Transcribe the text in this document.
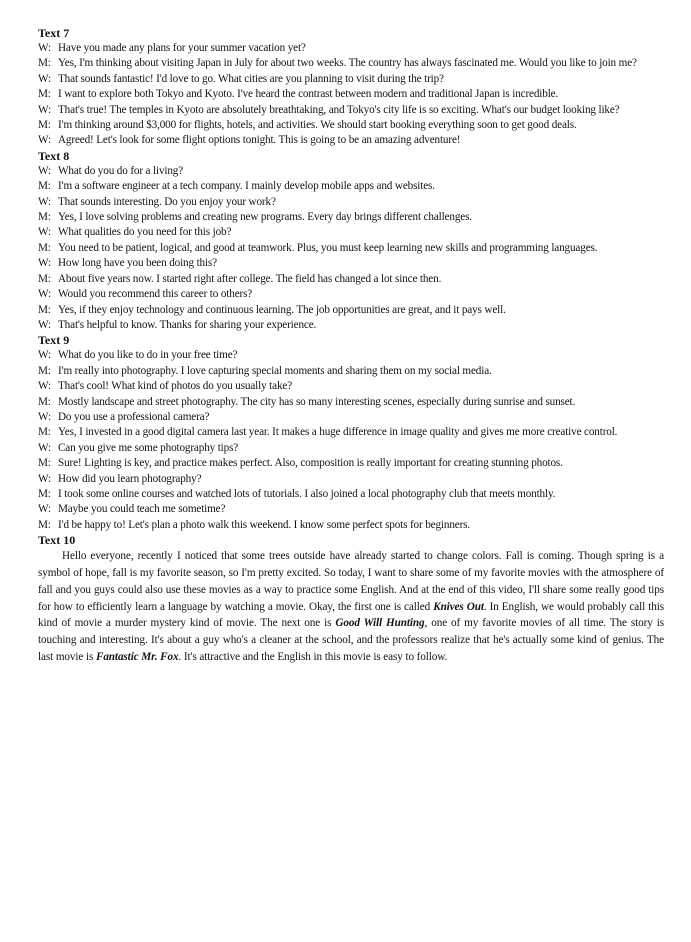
Text 7
W: Have you made any plans for your summer vacation yet?
M: Yes, I'm thinking about visiting Japan in July for about two weeks. The country has always fascinated me. Would you like to join me?
W: That sounds fantastic! I'd love to go. What cities are you planning to visit during the trip?
M: I want to explore both Tokyo and Kyoto. I've heard the contrast between modern and traditional Japan is incredible.
W: That's true! The temples in Kyoto are absolutely breathtaking, and Tokyo's city life is so exciting. What's our budget looking like?
M: I'm thinking around $3,000 for flights, hotels, and activities. We should start booking everything soon to get good deals.
W: Agreed! Let's look for some flight options tonight. This is going to be an amazing adventure!
Text 8
W: What do you do for a living?
M: I'm a software engineer at a tech company. I mainly develop mobile apps and websites.
W: That sounds interesting. Do you enjoy your work?
M: Yes, I love solving problems and creating new programs. Every day brings different challenges.
W: What qualities do you need for this job?
M: You need to be patient, logical, and good at teamwork. Plus, you must keep learning new skills and programming languages.
W: How long have you been doing this?
M: About five years now. I started right after college. The field has changed a lot since then.
W: Would you recommend this career to others?
M: Yes, if they enjoy technology and continuous learning. The job opportunities are great, and it pays well.
W: That's helpful to know. Thanks for sharing your experience.
Text 9
W: What do you like to do in your free time?
M: I'm really into photography. I love capturing special moments and sharing them on my social media.
W: That's cool! What kind of photos do you usually take?
M: Mostly landscape and street photography. The city has so many interesting scenes, especially during sunrise and sunset.
W: Do you use a professional camera?
M: Yes, I invested in a good digital camera last year. It makes a huge difference in image quality and gives me more creative control.
W: Can you give me some photography tips?
M: Sure! Lighting is key, and practice makes perfect. Also, composition is really important for creating stunning photos.
W: How did you learn photography?
M: I took some online courses and watched lots of tutorials. I also joined a local photography club that meets monthly.
W: Maybe you could teach me sometime?
M: I'd be happy to! Let's plan a photo walk this weekend. I know some perfect spots for beginners.
Text 10

Hello everyone, recently I noticed that some trees outside have already started to change colors. Fall is coming. Though spring is a symbol of hope, fall is my favorite season, so I'm pretty excited. So today, I want to share some of my favorite movies with the atmosphere of fall and you guys could also use these movies as a way to practice some English. And at the end of this video, I'll share some really good tips for how to efficiently learn a language by watching a movie. Okay, the first one is called Knives Out. In English, we would probably call this kind of movie a murder mystery kind of movie. The next one is Good Will Hunting, one of my favorite movies of all time. The story is touching and interesting. It's about a guy who's a cleaner at the school, and the professors realize that he's actually some kind of genius. The last movie is Fantastic Mr. Fox. It's attractive and the English in this movie is easy to follow.
